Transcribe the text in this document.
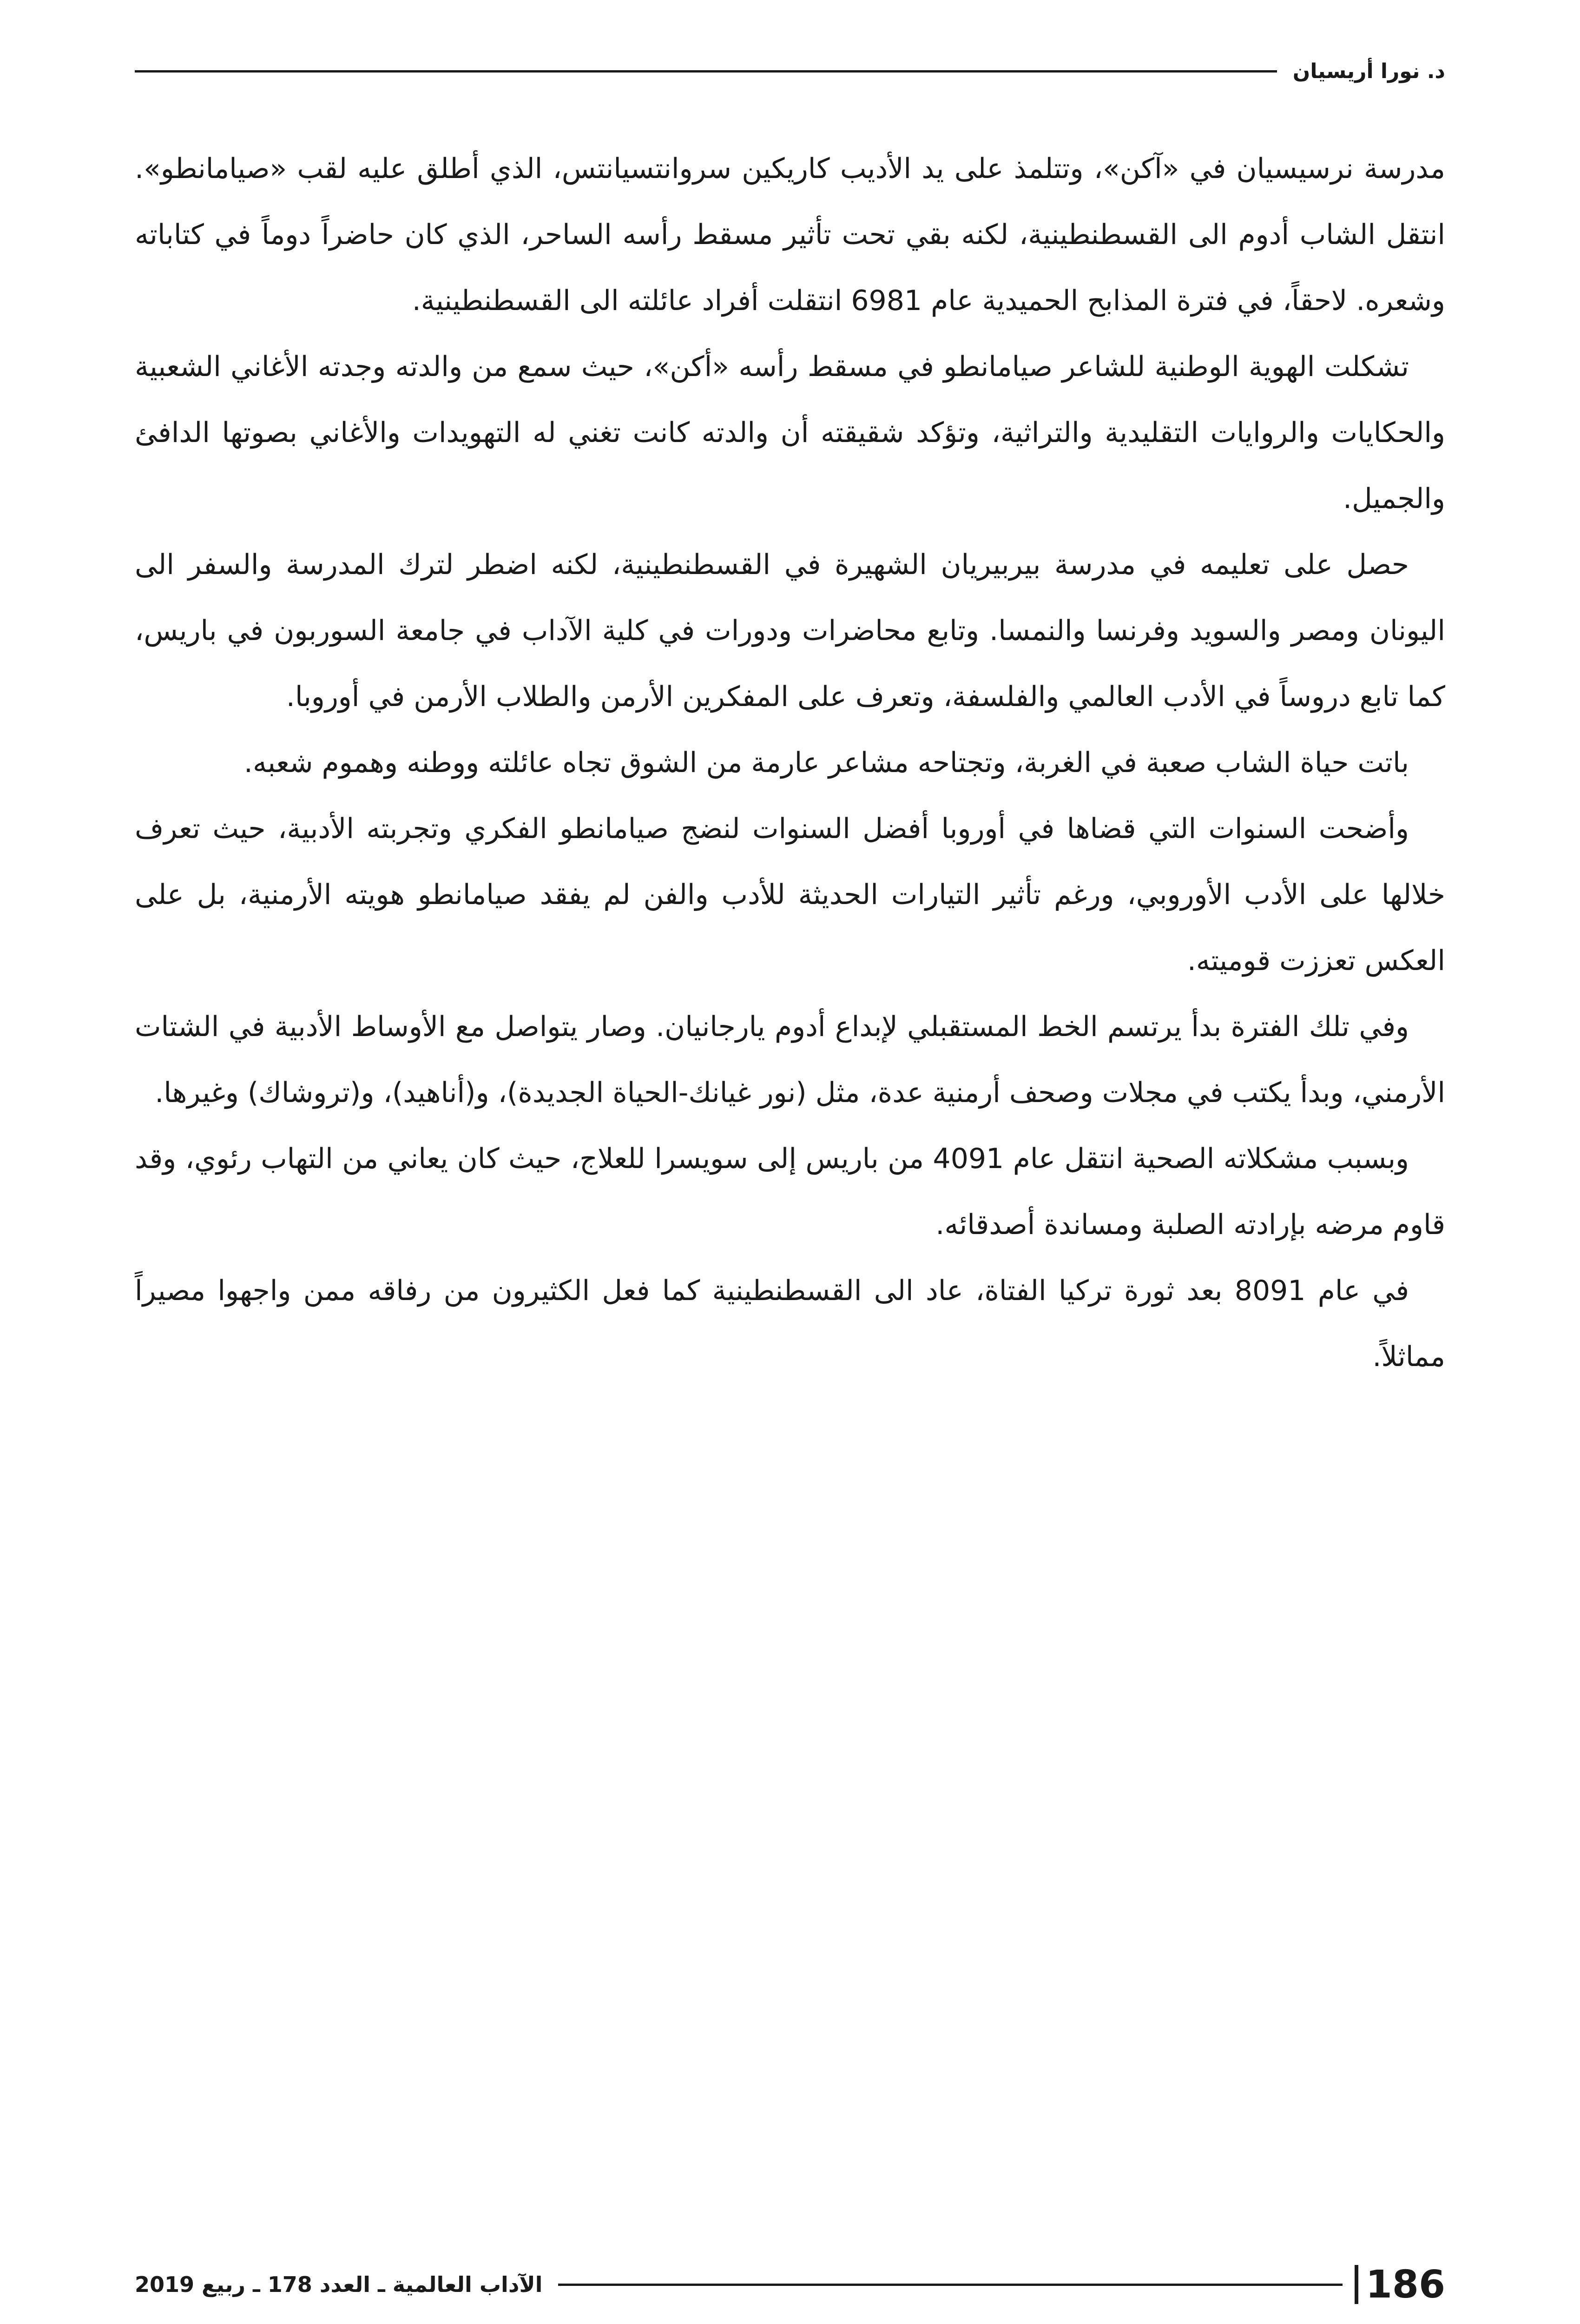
د. نورا أريسيان

مدرسة نرسيسيان في «آكن»، وتتلمذ على يد الأديب كاريكين سروانتسيانتس، الذي أطلق عليه لقب «صيامانطو». انتقل الشاب أدوم الى القسطنطينية، لكنه بقي تحت تأثير مسقط رأسه الساحر، الذي كان حاضراً دوماً في كتاباته وشعره. لاحقاً، في فترة المذابح الحميدية عام 6981 انتقلت أفراد عائلته الى القسطنطينية.

تشكلت الهوية الوطنية للشاعر صيامانطو في مسقط رأسه «أكن»، حيث سمع من والدته وجدته الأغاني الشعبية والحكايات والروايات التقليدية والتراثية، وتؤكد شقيقته أن والدته كانت تغني له التهويدات والأغاني بصوتها الدافئ والجميل.

حصل على تعليمه في مدرسة بيربيريان الشهيرة في القسطنطينية، لكنه اضطر لترك المدرسة والسفر الى اليونان ومصر والسويد وفرنسا والنمسا. وتابع محاضرات ودورات في كلية الآداب في جامعة السوربون في باريس، كما تابع دروساً في الأدب العالمي والفلسفة، وتعرف على المفكرين الأرمن والطلاب الأرمن في أوروبا.

باتت حياة الشاب صعبة في الغربة، وتجتاحه مشاعر عارمة من الشوق تجاه عائلته ووطنه وهموم شعبه.

وأضحت السنوات التي قضاها في أوروبا أفضل السنوات لنضج صيامانطو الفكري وتجربته الأدبية، حيث تعرف خلالها على الأدب الأوروبي، ورغم تأثير التيارات الحديثة للأدب والفن لم يفقد صيامانطو هويته الأرمنية، بل على العكس تعززت قوميته.

وفي تلك الفترة بدأ يرتسم الخط المستقبلي لإبداع أدوم يارجانيان. وصار يتواصل مع الأوساط الأدبية في الشتات الأرمني، وبدأ يكتب في مجلات وصحف أرمنية عدة، مثل (نور غيانك-الحياة الجديدة)، و(أناهيد)، و(تروشاك) وغيرها.

وبسبب مشكلاته الصحية انتقل عام 4091 من باريس إلى سويسرا للعلاج، حيث كان يعاني من التهاب رئوي، وقد قاوم مرضه بإرادته الصلبة ومساندة أصدقائه.

في عام 8091 بعد ثورة تركيا الفتاة، عاد الى القسطنطينية كما فعل الكثيرون من رفاقه ممن واجهوا مصيراً مماثلاً.

186
الآداب العالمية ـ العدد 178 ـ ربيع 2019
